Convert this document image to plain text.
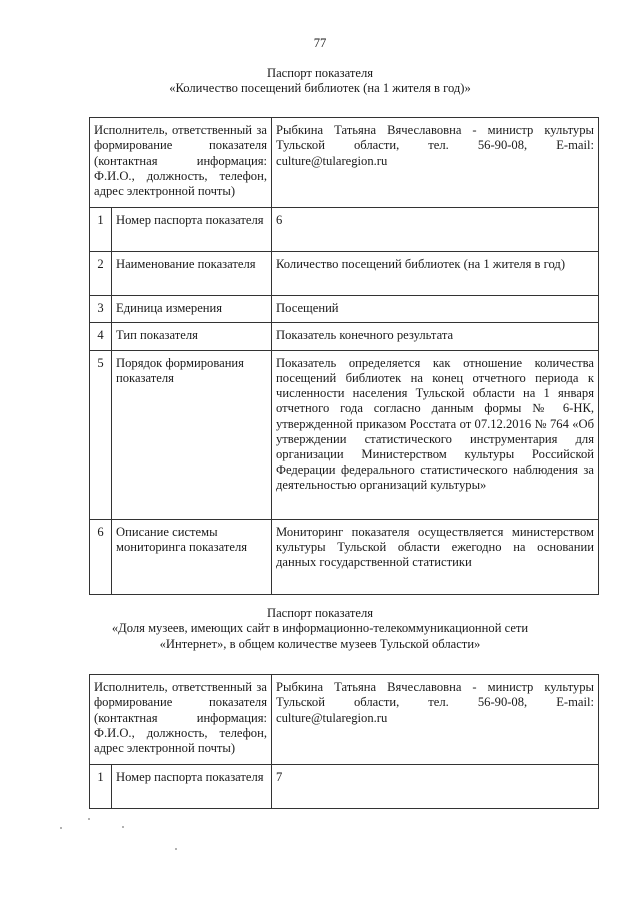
77
Паспорт показателя
«Количество посещений библиотек (на 1 жителя в год)»
Исполнитель, ответственный за формирование показателя (контактная информация: Ф.И.О., должность, телефон, адрес электронной почты)		Рыбкина Татьяна Вячеславовна - министр культуры Тульской области, тел. 56-90-08, E-mail: culture@tularegion.ru
1	Номер паспорта показателя	6
2	Наименование показателя	Количество посещений библиотек (на 1 жителя в год)
3	Единица измерения	Посещений
4	Тип показателя	Показатель конечного результата
5	Порядок формирования показателя	Показатель определяется как отношение количества посещений библиотек на конец отчетного периода к численности населения Тульской области на 1 января отчетного года согласно данным формы № 6-НК, утвержденной приказом Росстата от 07.12.2016 № 764 «Об утверждении статистического инструментария для организации Министерством культуры Российской Федерации федерального статистического наблюдения за деятельностью организаций культуры»
6	Описание системы мониторинга показателя	Мониторинг показателя осуществляется министерством культуры Тульской области ежегодно на основании данных государственной статистики
Паспорт показателя
«Доля музеев, имеющих сайт в информационно-телекоммуникационной сети
«Интернет», в общем количестве музеев Тульской области»
Исполнитель, ответственный за формирование показателя (контактная информация: Ф.И.О., должность, телефон, адрес электронной почты)		Рыбкина Татьяна Вячеславовна - министр культуры Тульской области, тел. 56-90-08, E-mail: culture@tularegion.ru
1	Номер паспорта показателя	7
